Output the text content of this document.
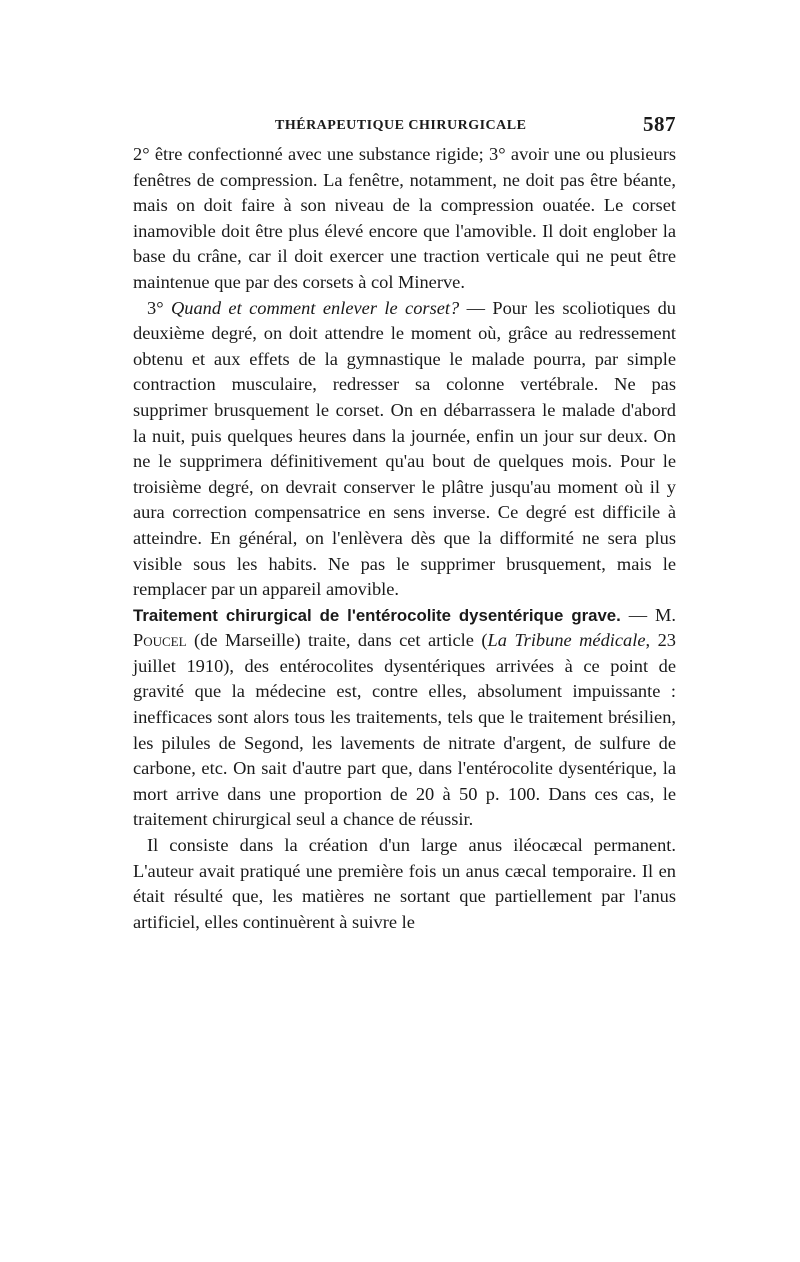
THÉRAPEUTIQUE CHIRURGICALE	587

2° être confectionné avec une substance rigide; 3° avoir une ou plusieurs fenêtres de compression. La fenêtre, notamment, ne doit pas être béante, mais on doit faire à son niveau de la compression ouatée. Le corset inamovible doit être plus élevé encore que l'amovible. Il doit englober la base du crâne, car il doit exercer une traction verticale qui ne peut être maintenue que par des corsets à col Minerve.

3° Quand et comment enlever le corset? — Pour les scoliotiques du deuxième degré, on doit attendre le moment où, grâce au redressement obtenu et aux effets de la gymnastique le malade pourra, par simple contraction musculaire, redresser sa colonne vertébrale. Ne pas supprimer brusquement le corset. On en débarrassera le malade d'abord la nuit, puis quelques heures dans la journée, enfin un jour sur deux. On ne le supprimera définitivement qu'au bout de quelques mois. Pour le troisième degré, on devrait conserver le plâtre jusqu'au moment où il y aura correction compensatrice en sens inverse. Ce degré est difficile à atteindre. En général, on l'enlèvera dès que la difformité ne sera plus visible sous les habits. Ne pas le supprimer brusquement, mais le remplacer par un appareil amovible.

Traitement chirurgical de l'entérocolite dysentérique grave. — M. Poucel (de Marseille) traite, dans cet article (La Tribune médicale, 23 juillet 1910), des entérocolites dysentériques arrivées à ce point de gravité que la médecine est, contre elles, absolument impuissante : inefficaces sont alors tous les traitements, tels que le traitement brésilien, les pilules de Segond, les lavements de nitrate d'argent, de sulfure de carbone, etc. On sait d'autre part que, dans l'entérocolite dysentérique, la mort arrive dans une proportion de 20 à 50 p. 100. Dans ces cas, le traitement chirurgical seul a chance de réussir.

Il consiste dans la création d'un large anus iléocæcal permanent. L'auteur avait pratiqué une première fois un anus cæcal temporaire. Il en était résulté que, les matières ne sortant que partiellement par l'anus artificiel, elles continuèrent à suivre le
